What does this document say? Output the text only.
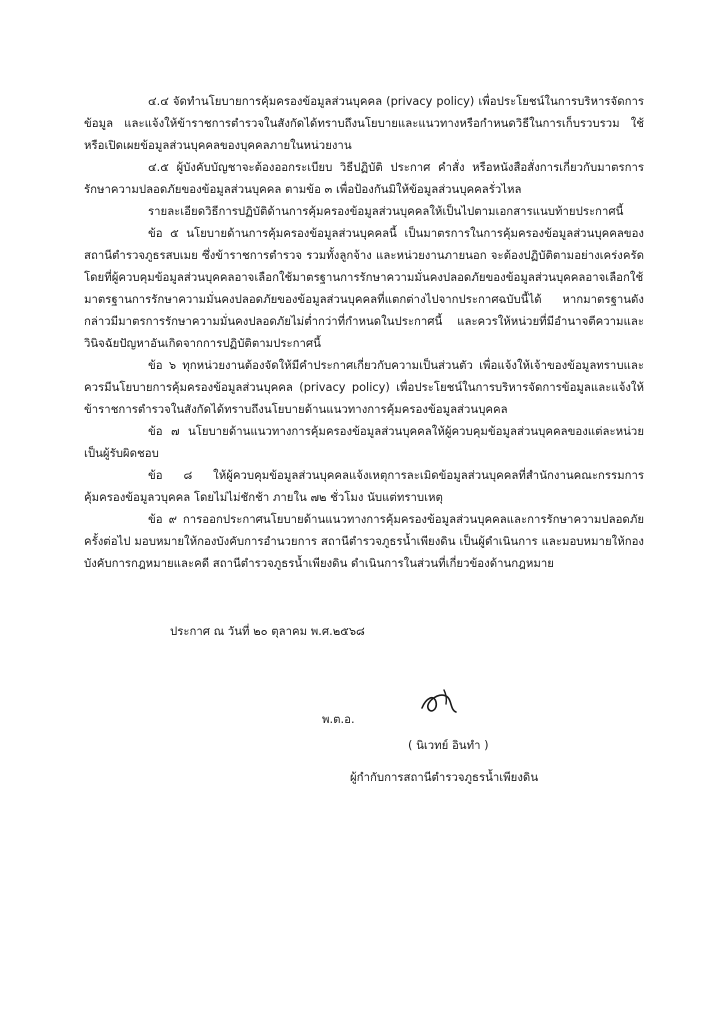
๔.๔ จัดทำนโยบายการคุ้มครองข้อมูลส่วนบุคคล (privacy policy) เพื่อประโยชน์ในการบริหารจัดการข้อมูล และแจ้งให้ข้าราชการตำรวจในสังกัดได้ทราบถึงนโยบายและแนวทางหรือกำหนดวิธีในการเก็บรวบรวม ใช้ หรือเปิดเผยข้อมูลส่วนบุคคลของบุคคลภายในหน่วยงาน

๔.๕ ผู้บังคับบัญชาจะต้องออกระเบียบ วิธีปฏิบัติ ประกาศ คำสั่ง หรือหนังสือสั่งการเกี่ยวกับมาตรการรักษาความปลอดภัยของข้อมูลส่วนบุคคล ตามข้อ ๓ เพื่อป้องกันมิให้ข้อมูลส่วนบุคคลรั่วไหล

รายละเอียดวิธีการปฏิบัติด้านการคุ้มครองข้อมูลส่วนบุคคลให้เป็นไปตามเอกสารแนบท้ายประกาศนี้

ข้อ ๕ นโยบายด้านการคุ้มครองข้อมูลส่วนบุคคลนี้ เป็นมาตรการในการคุ้มครองข้อมูลส่วนบุคคลของสถานีตำรวจภูธรสบเมย ซึ่งข้าราชการตำรวจ รวมทั้งลูกจ้าง และหน่วยงานภายนอก จะต้องปฏิบัติตามอย่างเคร่งครัด โดยที่ผู้ควบคุมข้อมูลส่วนบุคคลอาจเลือกใช้มาตรฐานการรักษาความมั่นคงปลอดภัยของข้อมูลส่วนบุคคลอาจเลือกใช้มาตรฐานการรักษาความมั่นคงปลอดภัยของข้อมูลส่วนบุคคลที่แตกต่างไปจากประกาศฉบับนี้ได้ หากมาตรฐานดังกล่าวมีมาตรการรักษาความมั่นคงปลอดภัยไม่ต่ำกว่าที่กำหนดในประกาศนี้ และควรให้หน่วยที่มีอำนาจตีความและวินิจฉัยปัญหาอันเกิดจากการปฏิบัติตามประกาศนี้

ข้อ ๖ ทุกหน่วยงานต้องจัดให้มีคำประกาศเกี่ยวกับความเป็นส่วนตัว เพื่อแจ้งให้เจ้าของข้อมูลทราบและควรมีนโยบายการคุ้มครองข้อมูลส่วนบุคคล (privacy policy) เพื่อประโยชน์ในการบริหารจัดการข้อมูลและแจ้งให้ข้าราชการตำรวจในสังกัดได้ทราบถึงนโยบายด้านแนวทางการคุ้มครองข้อมูลส่วนบุคคล

ข้อ ๗ นโยบายด้านแนวทางการคุ้มครองข้อมูลส่วนบุคคลให้ผู้ควบคุมข้อมูลส่วนบุคคลของแต่ละหน่วยเป็นผู้รับผิดชอบ

ข้อ ๘ ให้ผู้ควบคุมข้อมูลส่วนบุคคลแจ้งเหตุการละเมิดข้อมูลส่วนบุคคลที่สำนักงานคณะกรรมการคุ้มครองข้อมูลวบุคคล โดยไม่ไม่ชักช้า ภายใน ๗๒ ชั่วโมง นับแต่ทราบเหตุ

ข้อ ๙ การออกประกาศนโยบายด้านแนวทางการคุ้มครองข้อมูลส่วนบุคคลและการรักษาความปลอดภัยครั้งต่อไป มอบหมายให้กองบังคับการอำนวยการ สถานีตำรวจภูธรน้ำเพียงดิน เป็นผู้ดำเนินการ และมอบหมายให้กองบังคับการกฎหมายและคดี สถานีตำรวจภูธรน้ำเพียงดิน ดำเนินการในส่วนที่เกี่ยวข้องด้านกฎหมาย

ประกาศ ณ วันที่ ๒๐ ตุลาคม พ.ศ.๒๕๖๘
พ.ต.อ.
( นิเวทย์ อินทำ )
ผู้กำกับการสถานีตำรวจภูธรน้ำเพียงดิน
